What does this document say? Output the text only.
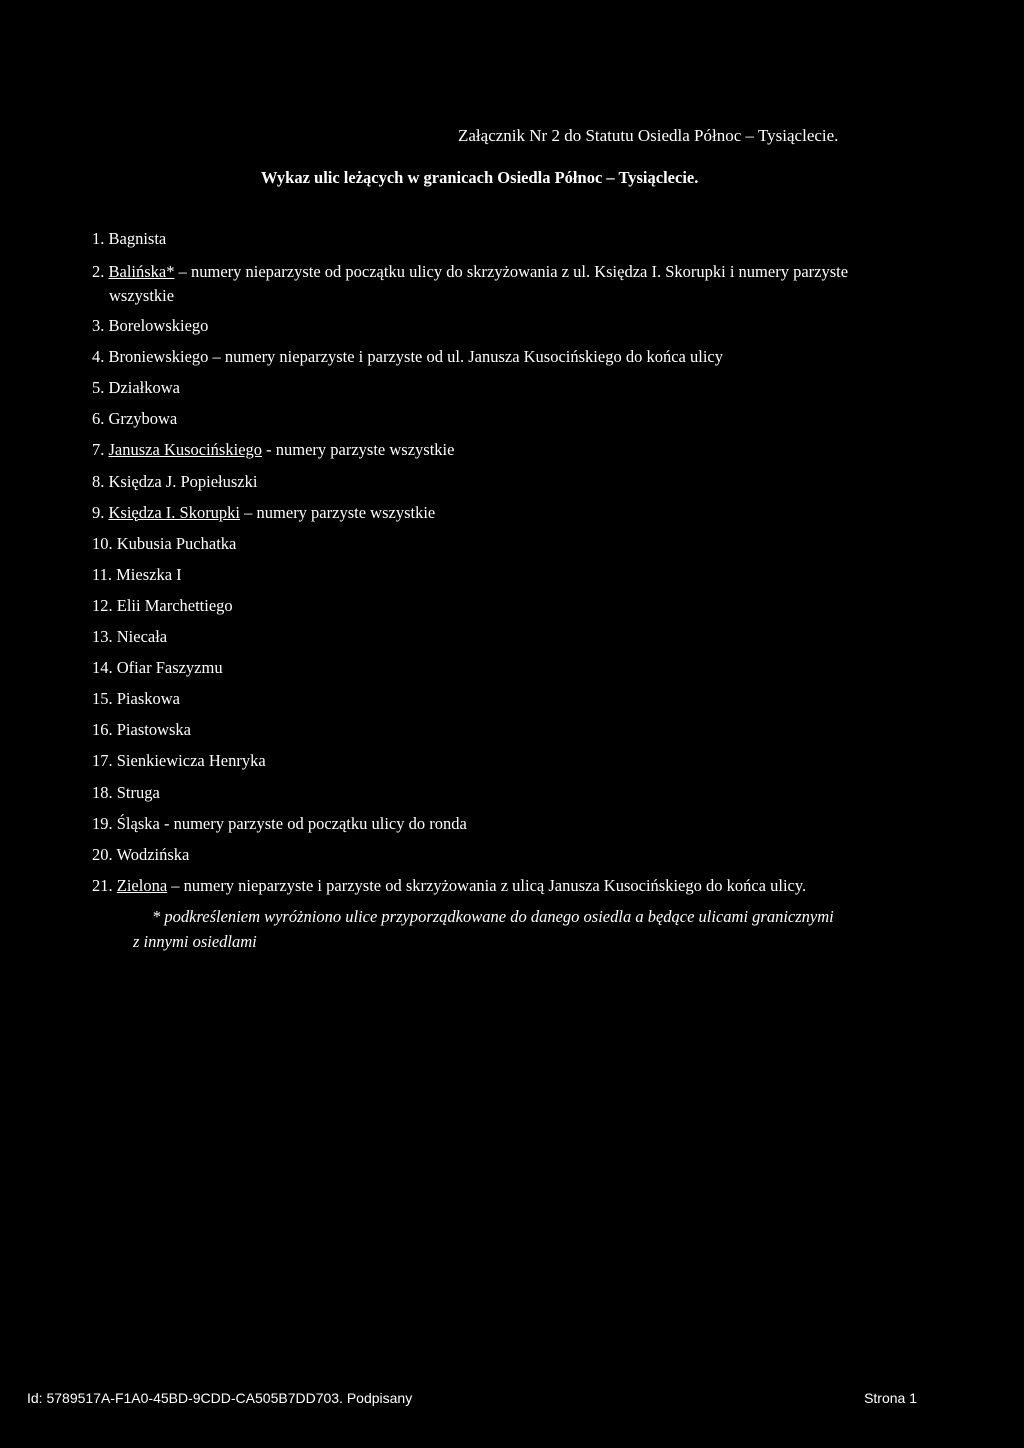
Załącznik Nr 2 do Statutu Osiedla Północ – Tysiąclecie.
Wykaz ulic leżących w granicach Osiedla Północ – Tysiąclecie.
1. Bagnista
2. Balińska* – numery nieparzyste od początku ulicy do skrzyżowania z ul. Księdza I. Skorupki i numery parzyste
wszystkie
3. Borelowskiego
4. Broniewskiego – numery nieparzyste i parzyste od ul. Janusza Kusocińskiego do końca ulicy
5. Działkowa
6. Grzybowa
7. Janusza Kusocińskiego - numery parzyste wszystkie
8. Księdza J. Popiełuszki
9. Księdza I. Skorupki – numery parzyste wszystkie
10. Kubusia Puchatka
11. Mieszka I
12. Elii Marchettiego
13. Niecała
14. Ofiar Faszyzmu
15. Piaskowa
16. Piastowska
17. Sienkiewicza Henryka
18. Struga
19. Śląska - numery parzyste od początku ulicy do ronda
20. Wodzińska
21. Zielona – numery nieparzyste i parzyste od skrzyżowania z ulicą Janusza Kusocińskiego do końca ulicy.
* podkreśleniem wyróżniono ulice przyporządkowane do danego osiedla a będące ulicami granicznymi
z innymi osiedlami
Id: 5789517A-F1A0-45BD-9CDD-CA505B7DD703. Podpisany	Strona 1
